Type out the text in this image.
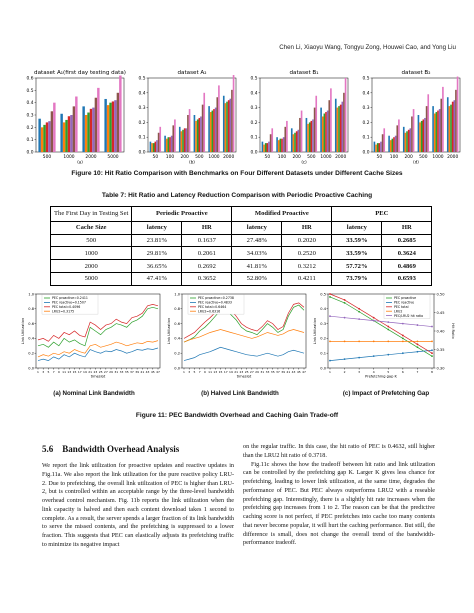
Chen Li, Xiaoyu Wang, Tongyu Zong, Houwei Cao, and Yong Liu
dataset A₁(first day testing data)
0.0
0.1
0.2
0.3
0.4
0.5
0.6
500	1000 2000 5000
(a)
dataset A₂
0.0
0.1
0.2
0.3
0.4
0.5
50 100 200 500 1000 2000
(b)
dataset B₁
0.0
0.1
0.2
0.3
0.4
0.5
50 100 200 500 1000 2000
(c)
dataset B₂
0.0
0.1
0.2
0.3
0.4
0.5
50 100 200 500 1000 2000
(d)
Figure 10: Hit Ratio Comparison with Benchmarks on Four Different Datasets under Different Cache Sizes
Table 7: Hit Ratio and Latency Reduction Comparison with Periodic Proactive Caching
The First Day in Testing Set	Periodic Proactive		Modified Proactive		PEC	
Cache Size	latency	HR	latency	HR	latency	HR
500	23.81%	0.1637	27.48%	0.2020	33.59%	0.2685
1000	29.81%	0.2061	34.03%	0.2520	33.59%	0.3624
2000	36.65%	0.2692	41.81%	0.3212	57.72%	0.4869
5000	47.41%	0.3652	52.80%	0.4211	73.79%	0.6593
0.0
0.2
0.4
0.6
0.8
1.0
1 3 5 7 9 11 13 15 17 19 21 23 25 27 29 31 33 35 37 39 41 43 45 47
timeslot
Link Utilization
PEC proactive=0.2411
PEC reactive=0.1507
PEC total=0.4096
LRU2=0.3175
0.0
0.2
0.4
0.6
0.8
1.0
1 3 5 7 9 11 13 15 17 19 21 23 25 27 29 31 33 35 37 39 41 43 45 47
timeslot
Link Utilization
PEC proactive=0.2738
PEC reactive=0.4833
PEC total=0.6464
LRU2=0.6316
0.0
0.1
0.2
0.3
0.4
0.5
1	2	3	4	5	6	7	8
Prefetching gap K
Link Utilization
0.30
0.35
0.40
0.45
0.50
Hit Ratio
PEC proactive
PEC reactive
PEC total
LRU2
PEC/LRU2 hit ratio
(a) Nominal Link Bandwidth	(b) Halved Link Bandwidth	(c) Impact of Prefetching Gap
Figure 11: PEC Bandwidth Overhead and Caching Gain Trade-off
5.6 Bandwidth Overhead Analysis

We report the link utilization for proactive updates and reactive updates in Fig.11a. We also report the link utilization for the pure reactive policy LRU-2. Due to prefetching, the overall link utilization of PEC is higher than LRU-2, but is controlled within an acceptable range by the three-level bandwidth overhead control mechanism. Fig. 11b reports the link utilization when the link capacity is halved and then each content download takes 1 second to complete. As a result, the server spends a larger fraction of its link bandwidth to serve the missed contents, and the prefetching is suppressed to a lower fraction. This suggests that PEC can elastically adjusts its prefetching traffic to minimize its negative impact

on the regular traffic. In this case, the hit ratio of PEC is 0.4632, still higher than the LRU2 hit ratio of 0.3718.

Fig.11c shows the how the tradeoff between hit ratio and link utilization can be controlled by the prefetching gap K. Larger K gives less chance for prefetching, leading to lower link utilization, at the same time, degrades the performance of PEC. But PEC always outperforms LRU2 with a reseable prefetching gap. Interestingly, there is a slightly hit rate increases when the prefetching gap increases from 1 to 2. The reason can be that the predictive caching score is not perfect, if PEC prefetches into cache too many contents that never become popular, it will hurt the caching performance. But still, the difference is small, does not change the overall trend of the bandwidth-performance tradeoff.
